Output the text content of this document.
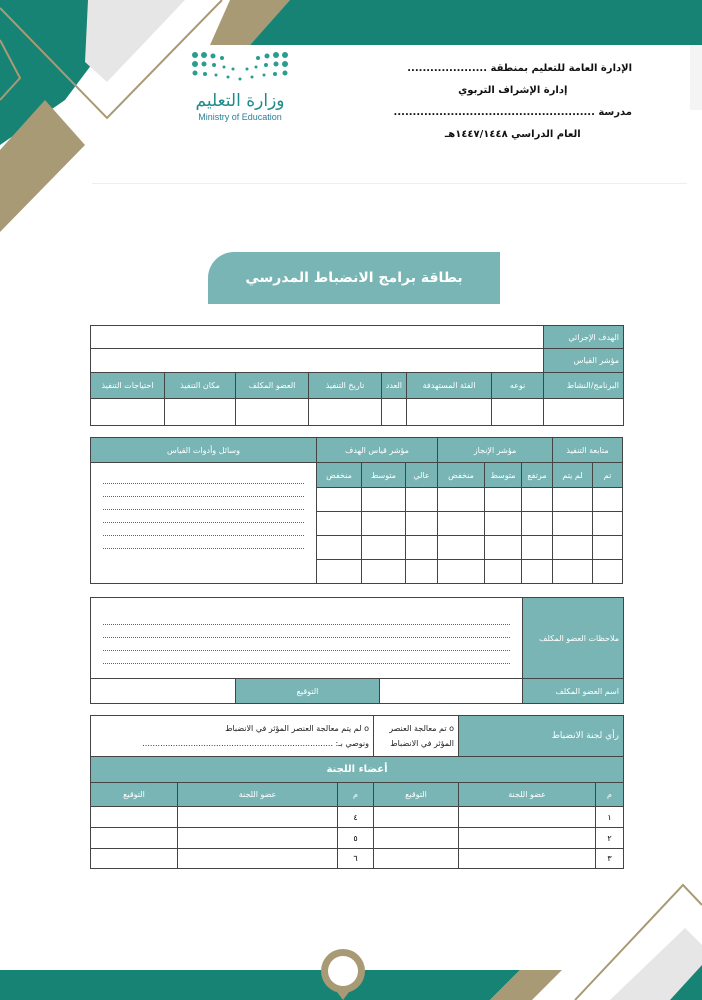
الإدارة العامة للتعليم بمنطقة .....................
إدارة الإشراف التربوي
مدرسة .....................................................
العام الدراسي ١٤٤٧/١٤٤٨هـ
وزارة التعليم
Ministry of Education
بطاقة برامج الانضباط المدرسي
الهدف الإجرائي							
مؤشر القياس							
البرنامج/النشاط	نوعه	الفئة المستهدفة	العدد	تاريخ التنفيذ	العضو المكلف	مكان التنفيذ	احتياجات التنفيذ

متابعة التنفيذ		مؤشر الإنجاز			مؤشر قياس الهدف			وسائل وأدوات القياس
تم	لم يتم	مرتفع	متوسط	منخفض	عالي	متوسط	منخفض	

ملاحظات العضو المكلف			

اسم العضو المكلف		التوقيع	
رأي لجنة الانضباط		o تم معالجة العنصر المؤثر في الانضباط	o لم يتم معالجة العنصر المؤثر في الانضباط
ونوصي بـ: ...........................................................................		

أعضاء اللجنة					
م	عضو اللجنة	التوقيع	م	عضو اللجنة	التوقيع
١			٤		
٢			٥		
٣			٦		
